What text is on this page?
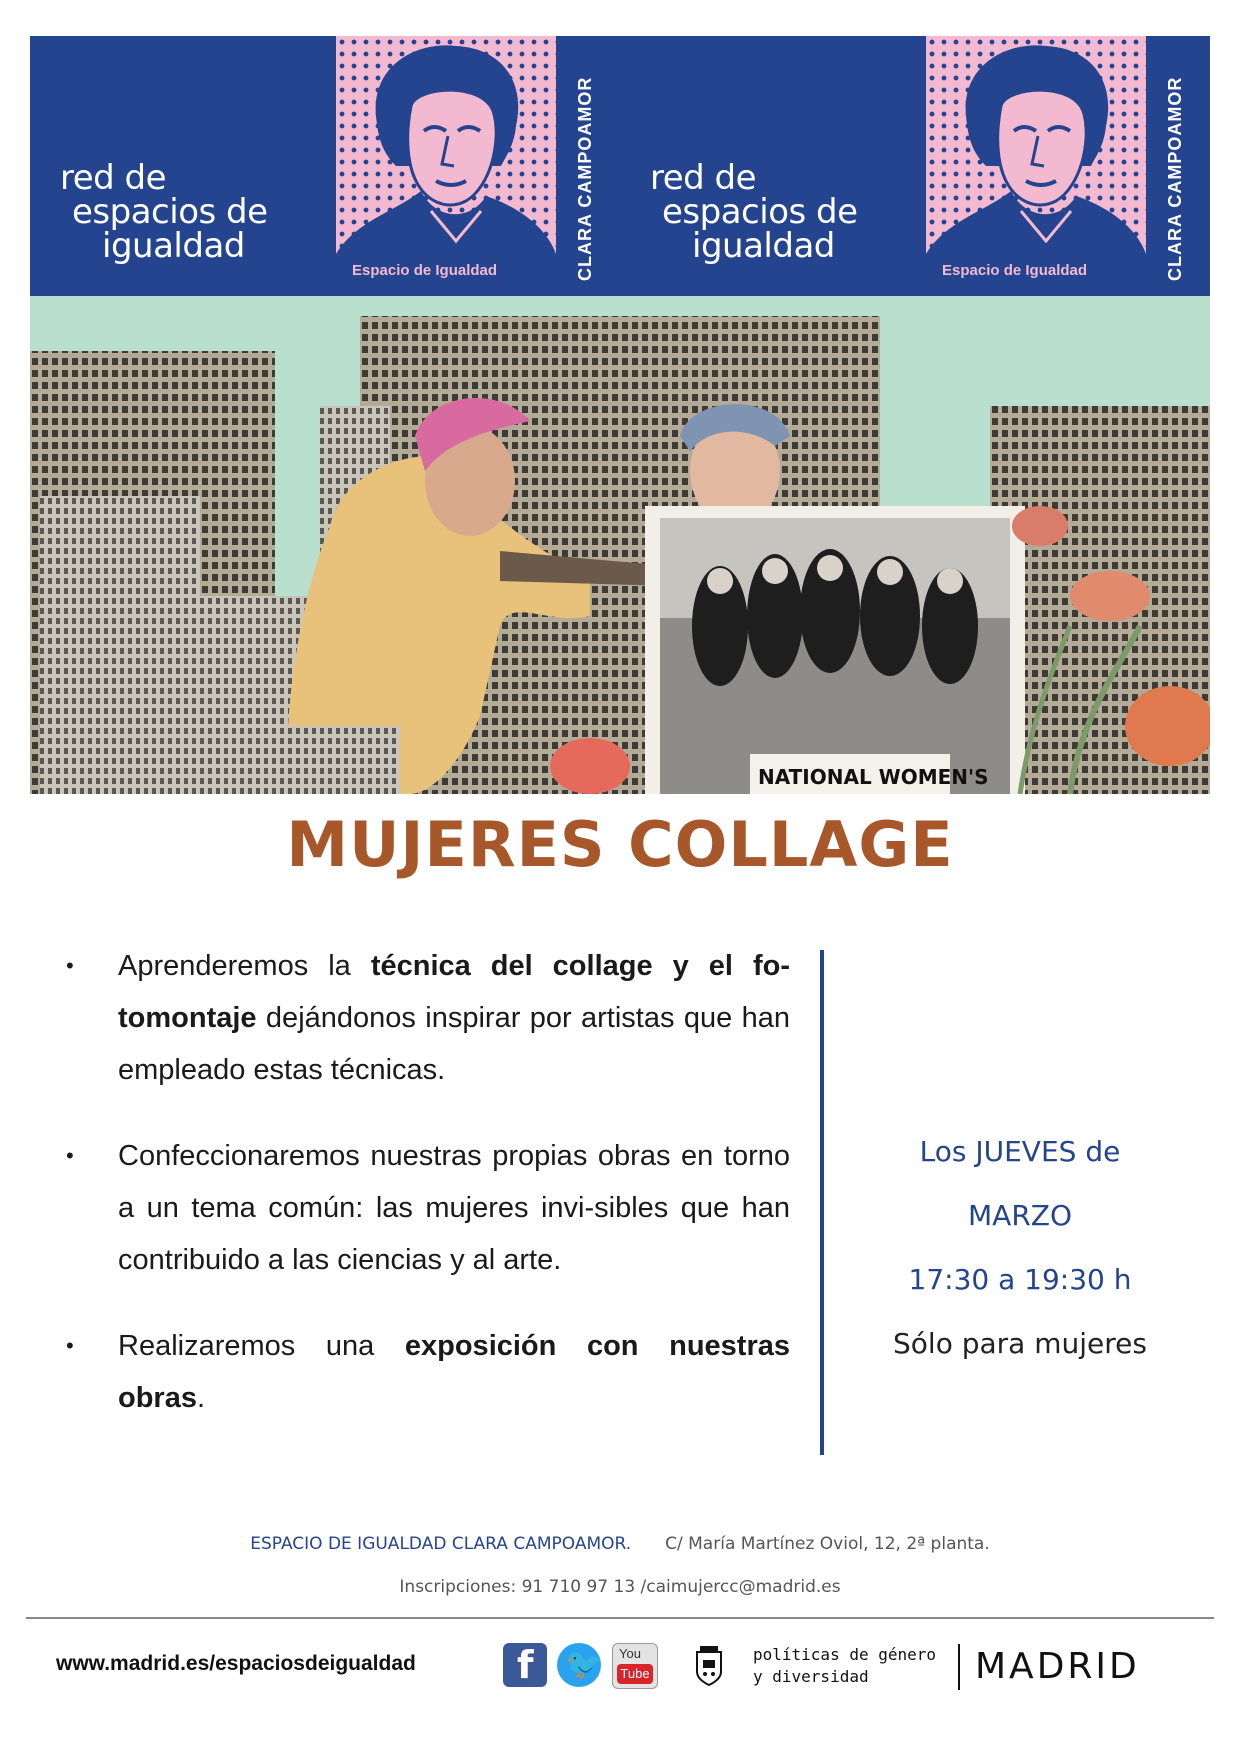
red de
espacios de
igualdad
Espacio de Igualdad	CLARA CAMPOAMOR red de
espacios de
igualdad
Espacio de Igualdad	CLARA CAMPOAMOR
NATIONAL WOMEN'S
MUJERES COLLAGE
• Aprenderemos la técnica del collage y el fo-tomontaje dejándonos inspirar por artistas que han empleado estas técnicas.
• Confeccionaremos nuestras propias obras en torno a un tema común: las mujeres invi-sibles que han contribuido a las ciencias y al arte.
• Realizaremos una exposición con nuestras obras.
Los JUEVES de
MARZO
17:30 a 19:30 h
Sólo para mujeres
ESPACIO DE IGUALDAD CLARA CAMPOAMOR. C/ María Martínez Oviol, 12, 2ª planta.
Inscripciones: 91 710 97 13 /caimujercc@madrid.es
www.madrid.es/espaciosdeigualdad	f 🐦 You
Tube
políticas de género
y diversidad	MADRID
